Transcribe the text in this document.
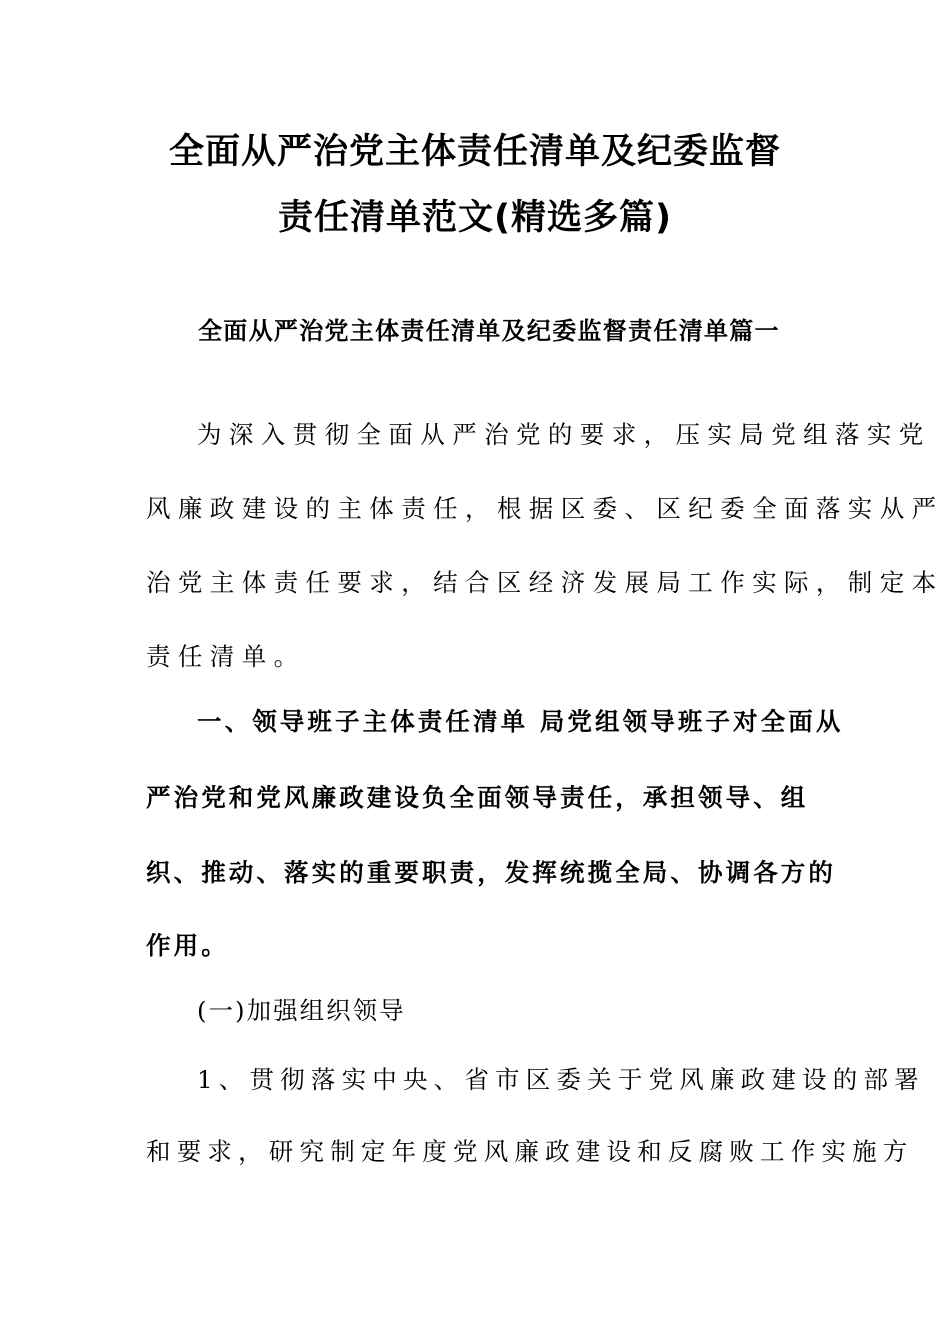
全面从严治党主体责任清单及纪委监督
责任清单范文(精选多篇)
全面从严治党主体责任清单及纪委监督责任清单篇一
为深入贯彻全面从严治党的要求，压实局党组落实党
风廉政建设的主体责任，根据区委、区纪委全面落实从严
治党主体责任要求，结合区经济发展局工作实际，制定本
责任清单。
一、领导班子主体责任清单 局党组领导班子对全面从
严治党和党风廉政建设负全面领导责任，承担领导、组
织、推动、落实的重要职责，发挥统揽全局、协调各方的
作用。
(一)加强组织领导
1、贯彻落实中央、省市区委关于党风廉政建设的部署
和要求，研究制定年度党风廉政建设和反腐败工作实施方
